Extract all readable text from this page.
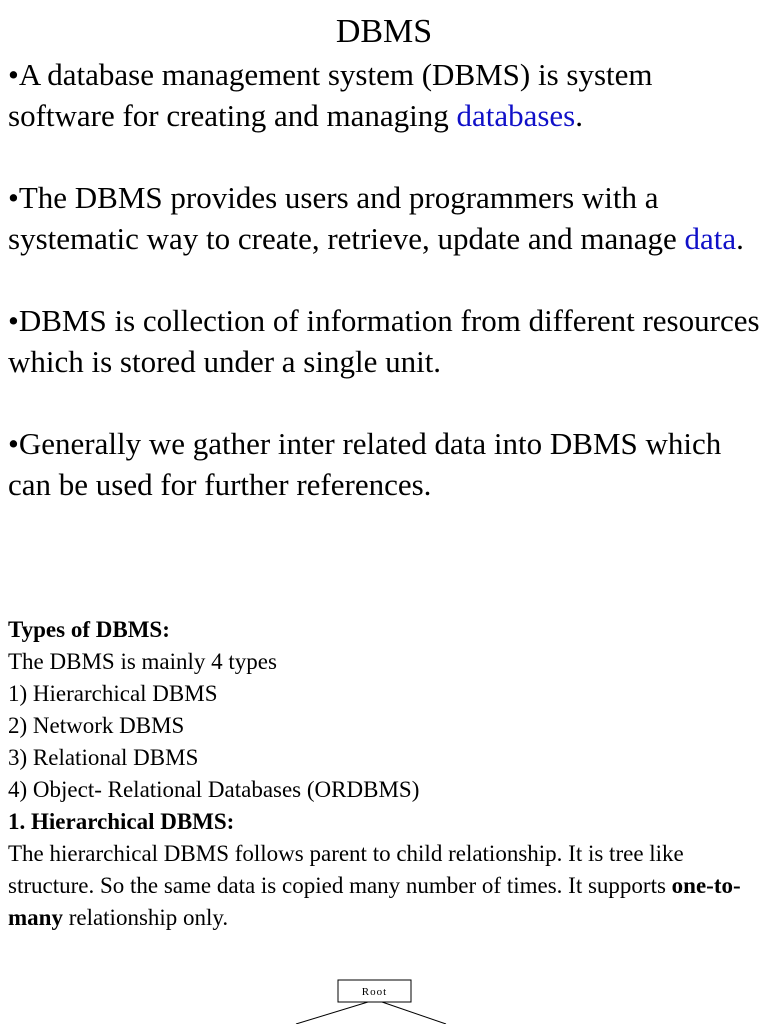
DBMS

•A database management system (DBMS) is system software for creating and managing databases.

•The DBMS provides users and programmers with a systematic way to create, retrieve, update and manage data.

•DBMS is collection of information from different resources which is stored under a single unit.

•Generally we gather inter related data into DBMS which can be used for further references.

Types of DBMS:

The DBMS is mainly 4 types

1) Hierarchical DBMS

2) Network DBMS

3) Relational DBMS

4) Object- Relational Databases (ORDBMS)

1. Hierarchical DBMS:

The hierarchical DBMS follows parent to child relationship. It is tree like structure. So the same data is copied many number of times. It supports one-to-many relationship only.

Root
